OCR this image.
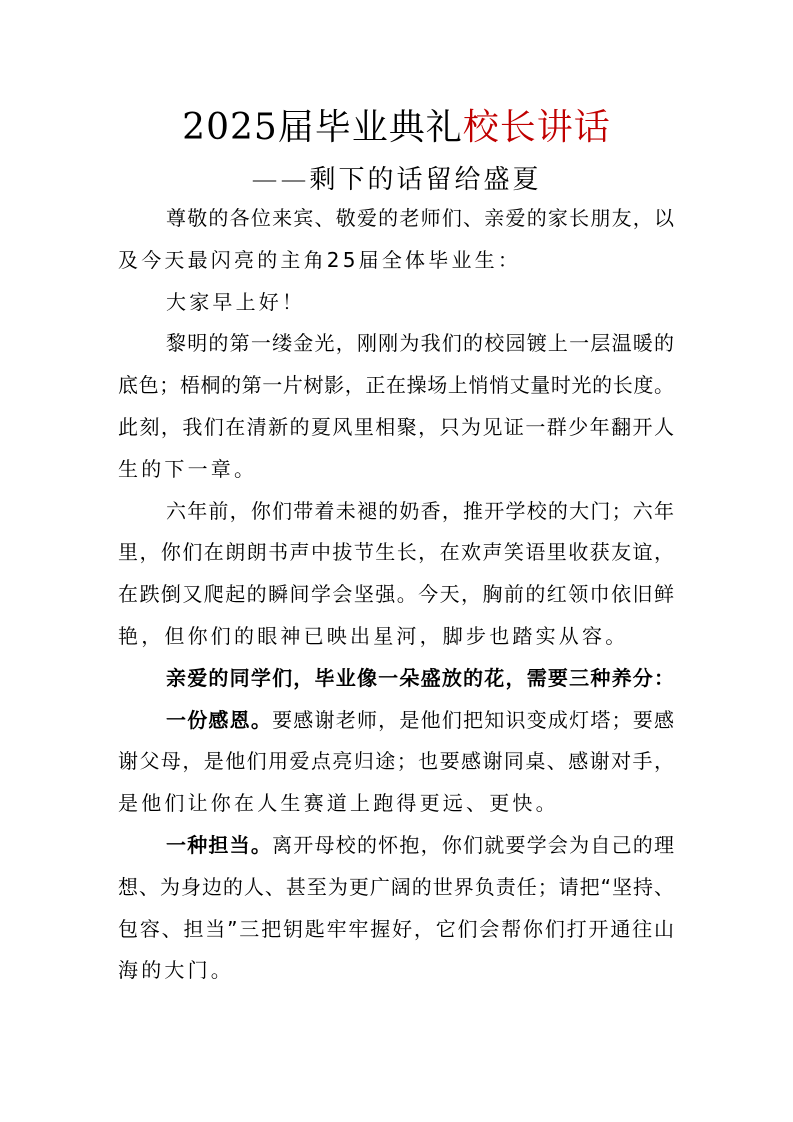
2025届毕业典礼校长讲话
——剩下的话留给盛夏
尊敬的各位来宾、敬爱的老师们、亲爱的家长朋友，以
及今天最闪亮的主角25届全体毕业生：
大家早上好！
黎明的第一缕金光，刚刚为我们的校园镀上一层温暖的
底色；梧桐的第一片树影，正在操场上悄悄丈量时光的长度。
此刻，我们在清新的夏风里相聚，只为见证一群少年翻开人
生的下一章。
六年前，你们带着未褪的奶香，推开学校的大门；六年
里，你们在朗朗书声中拔节生长，在欢声笑语里收获友谊，
在跌倒又爬起的瞬间学会坚强。今天，胸前的红领巾依旧鲜
艳，但你们的眼神已映出星河，脚步也踏实从容。
亲爱的同学们，毕业像一朵盛放的花，需要三种养分：
一份感恩。要感谢老师，是他们把知识变成灯塔；要感
谢父母，是他们用爱点亮归途；也要感谢同桌、感谢对手，
是他们让你在人生赛道上跑得更远、更快。
一种担当。离开母校的怀抱，你们就要学会为自己的理
想、为身边的人、甚至为更广阔的世界负责任；请把“坚持、
包容、担当”三把钥匙牢牢握好，它们会帮你们打开通往山
海的大门。
